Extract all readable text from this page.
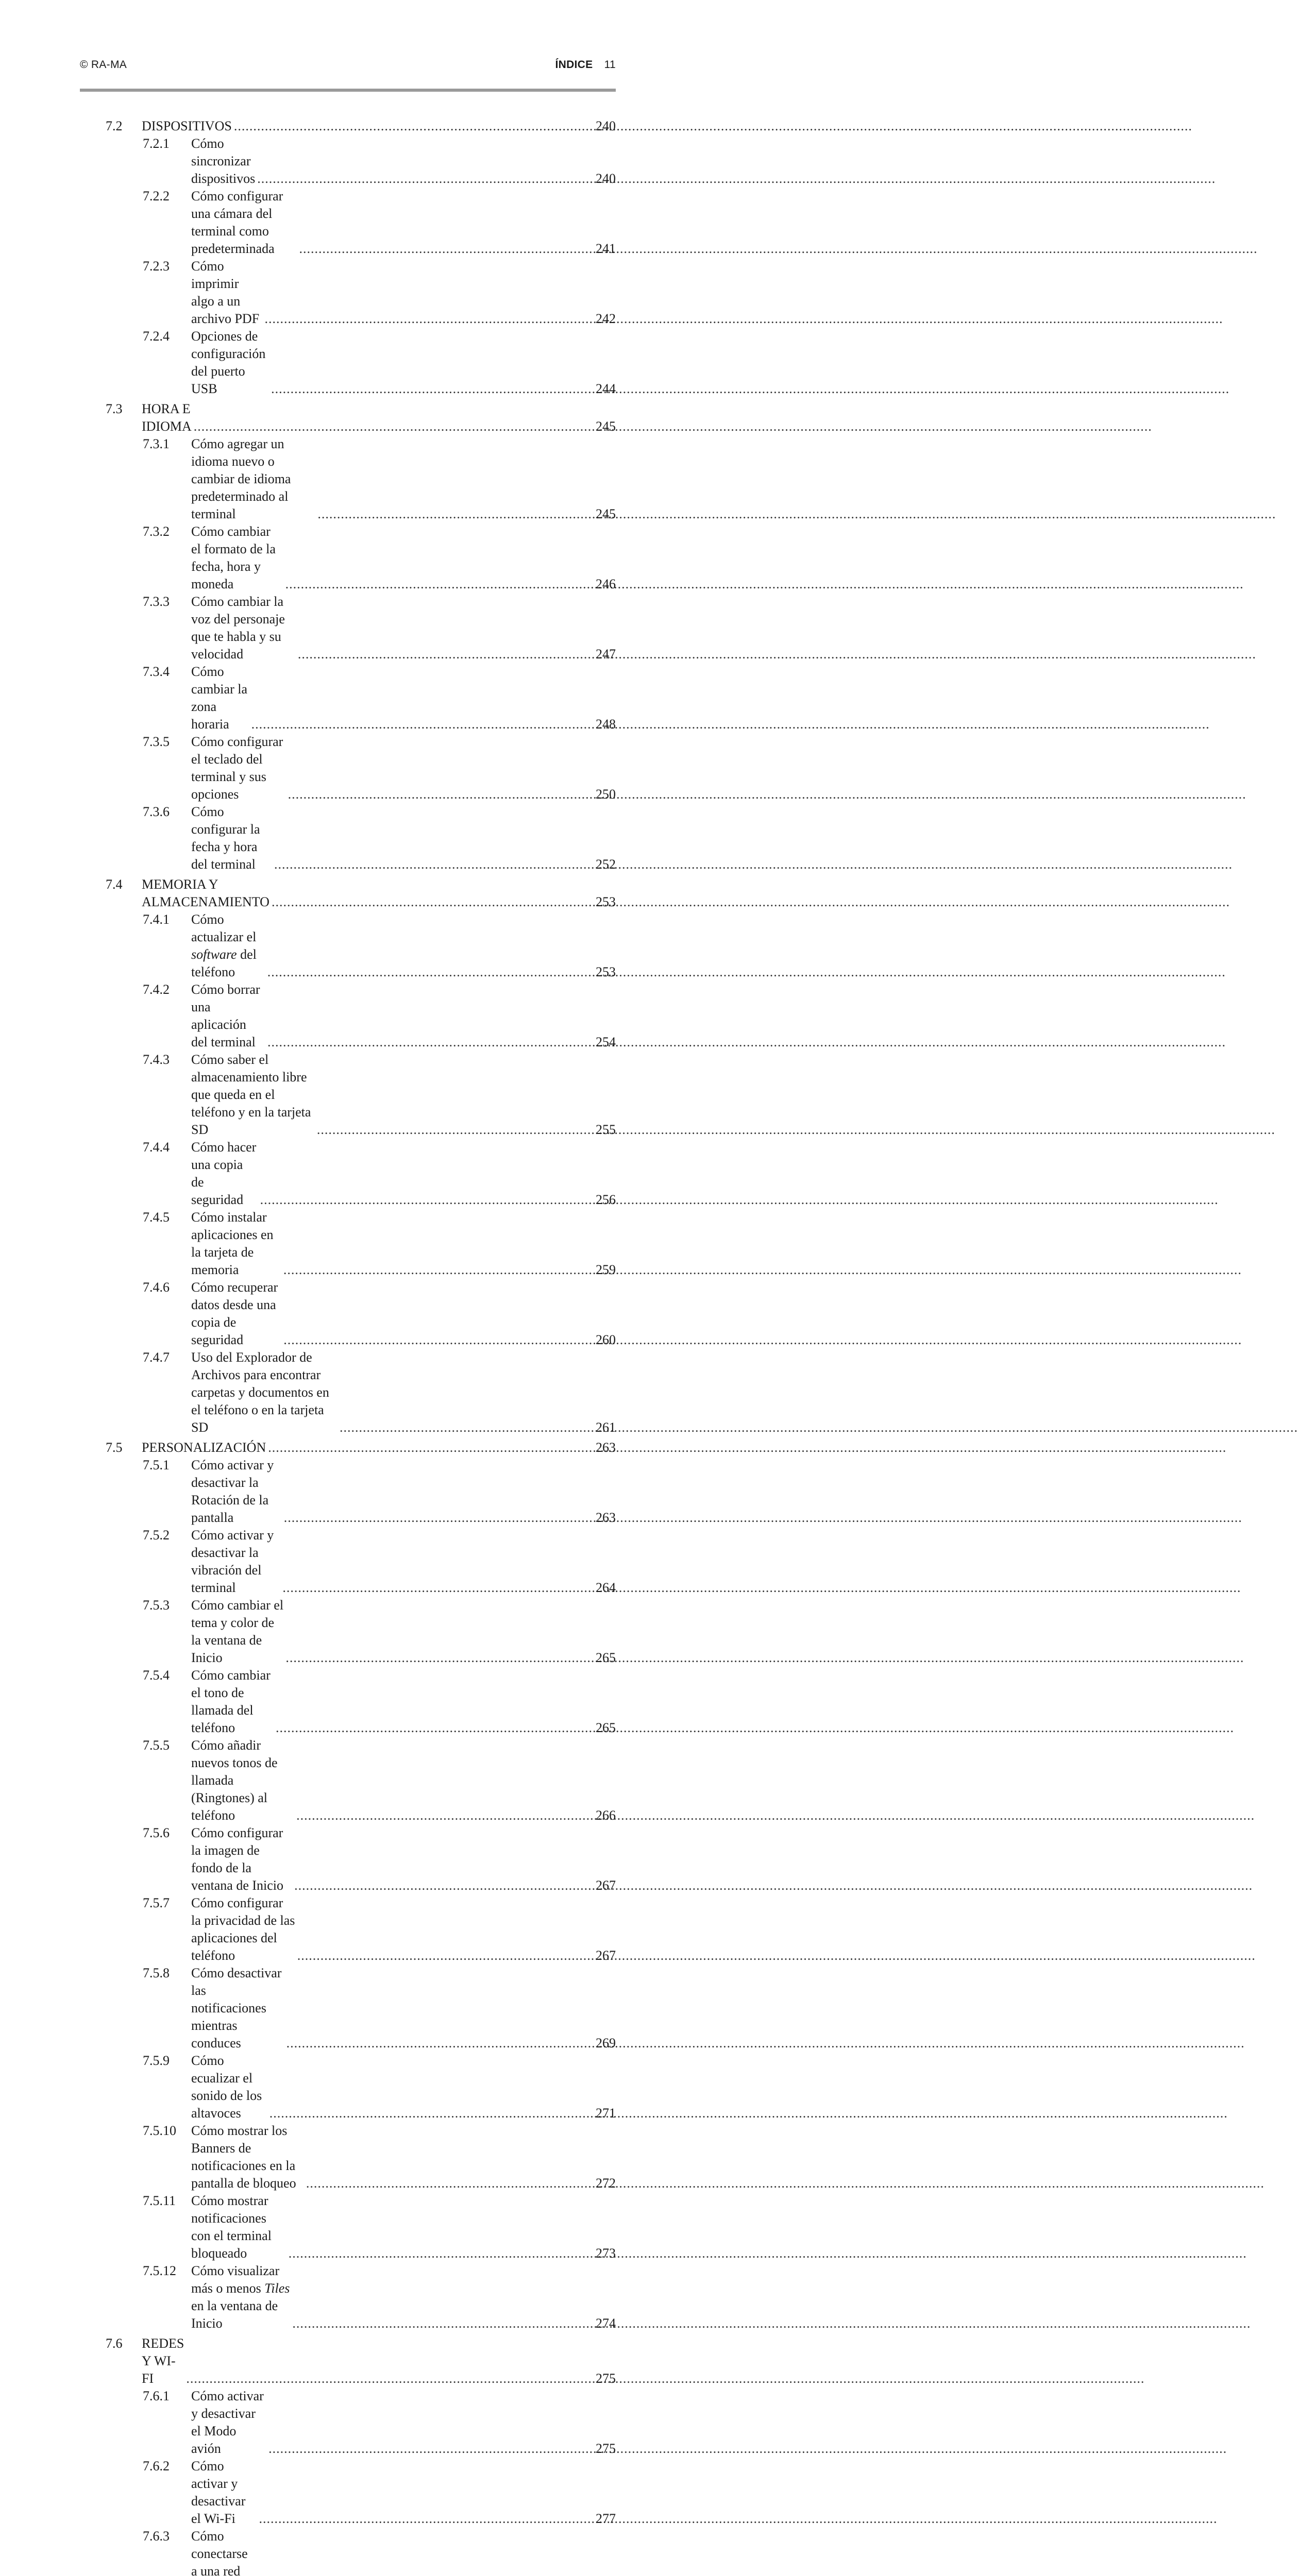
© RA-MA	ÍNDICE 11
7.2 DISPOSITIVOS .....	240
7.2.1 Cómo sincronizar dispositivos .....	240
7.2.2 Cómo configurar una cámara del terminal como predeterminada .....	241
7.2.3 Cómo imprimir algo a un archivo PDF .....	242
7.2.4 Opciones de configuración del puerto USB .....	244
7.3 HORA E IDIOMA .....	245
7.3.1 Cómo agregar un idioma nuevo o cambiar de idioma predeterminado al terminal .....	245
7.3.2 Cómo cambiar el formato de la fecha, hora y moneda .....	246
7.3.3 Cómo cambiar la voz del personaje que te habla y su velocidad .....	247
7.3.4 Cómo cambiar la zona horaria .....	248
7.3.5 Cómo configurar el teclado del terminal y sus opciones .....	250
7.3.6 Cómo configurar la fecha y hora del terminal .....	252
7.4 MEMORIA Y ALMACENAMIENTO .....	253
7.4.1 Cómo actualizar el software del teléfono .....	253
7.4.2 Cómo borrar una aplicación del terminal .....	254
7.4.3 Cómo saber el almacenamiento libre que queda en el teléfono y en la tarjeta SD .....	255
7.4.4 Cómo hacer una copia de seguridad .....	256
7.4.5 Cómo instalar aplicaciones en la tarjeta de memoria .....	259
7.4.6 Cómo recuperar datos desde una copia de seguridad .....	260
7.4.7 Uso del Explorador de Archivos para encontrar carpetas y documentos en el teléfono o en la tarjeta SD .....	261
7.5 PERSONALIZACIÓN .....	263
7.5.1 Cómo activar y desactivar la Rotación de la pantalla .....	263
7.5.2 Cómo activar y desactivar la vibración del terminal .....	264
7.5.3 Cómo cambiar el tema y color de la ventana de Inicio .....	265
7.5.4 Cómo cambiar el tono de llamada del teléfono .....	265
7.5.5 Cómo añadir nuevos tonos de llamada (Ringtones) al teléfono .....	266
7.5.6 Cómo configurar la imagen de fondo de la ventana de Inicio .....	267
7.5.7 Cómo configurar la privacidad de las aplicaciones del teléfono .....	267
7.5.8 Cómo desactivar las notificaciones mientras conduces .....	269
7.5.9 Cómo ecualizar el sonido de los altavoces .....	271
7.5.10 Cómo mostrar los Banners de notificaciones en la pantalla de bloqueo .....	272
7.5.11 Cómo mostrar notificaciones con el terminal bloqueado .....	273
7.5.12 Cómo visualizar más o menos Tiles en la ventana de Inicio .....	274
7.6 REDES Y WI-FI .....	275
7.6.1 Cómo activar y desactivar el Modo avión .....	275
7.6.2 Cómo activar y desactivar el Wi-Fi .....	277
7.6.3 Cómo conectarse a una red
